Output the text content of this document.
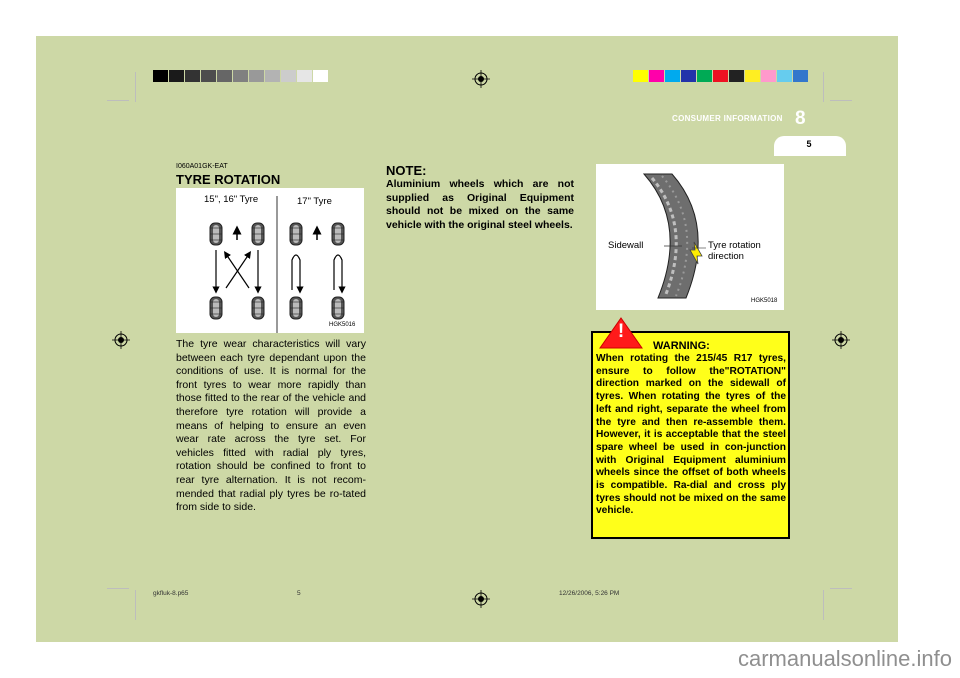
CONSUMER INFORMATION 8
5
I060A01GK-EAT
TYRE ROTATION
15", 16" Tyre	17" Tyre
HGK5016
The tyre wear characteristics will vary between each tyre dependant upon the conditions of use. It is normal for the front tyres to wear more rapidly than those fitted to the rear of the vehicle and therefore tyre rotation will provide a means of helping to ensure an even wear rate across the tyre set. For vehicles fitted with radial ply tyres, rotation should be confined to front to rear tyre alternation. It is not recom-mended that radial ply tyres be ro-tated from side to side.
NOTE:
Aluminium wheels which are not supplied as Original Equipment should not be mixed on the same vehicle with the original steel wheels.
Sidewall	Tyre rotation direction
HGK5018
!
WARNING:
When rotating the 215/45 R17 tyres, ensure to follow the"ROTATION" direction marked on the sidewall of tyres. When rotating the tyres of the left and right, separate the wheel from the tyre and then re-assemble them. However, it is acceptable that the steel spare wheel be used in con-junction with Original Equipment aluminium wheels since the offset of both wheels is compatible. Ra-dial and cross ply tyres should not be mixed on the same vehicle.
gkfluk-8.p65	5	12/26/2006, 5:26 PM
carmanualsonline.info
